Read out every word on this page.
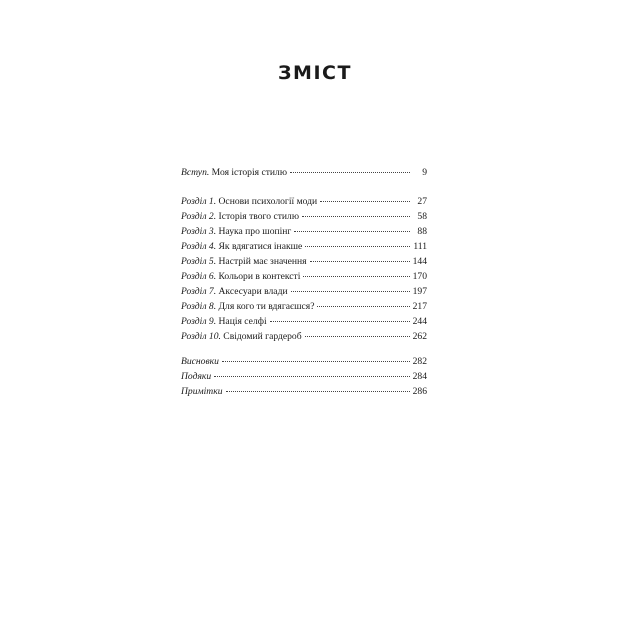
ЗМІСТ
Вступ. Моя історія стилю	9
Розділ 1. Основи психології моди	27
Розділ 2. Історія твого стилю	58
Розділ 3. Наука про шопінг	88
Розділ 4. Як вдягатися інакше	111
Розділ 5. Настрій має значення	144
Розділ 6. Кольори в контексті	170
Розділ 7. Аксесуари влади	197
Розділ 8. Для кого ти вдягаєшся?	217
Розділ 9. Нація селфі	244
Розділ 10. Свідомий гардероб	262
Висновки	282
Подяки	284
Примітки	286
